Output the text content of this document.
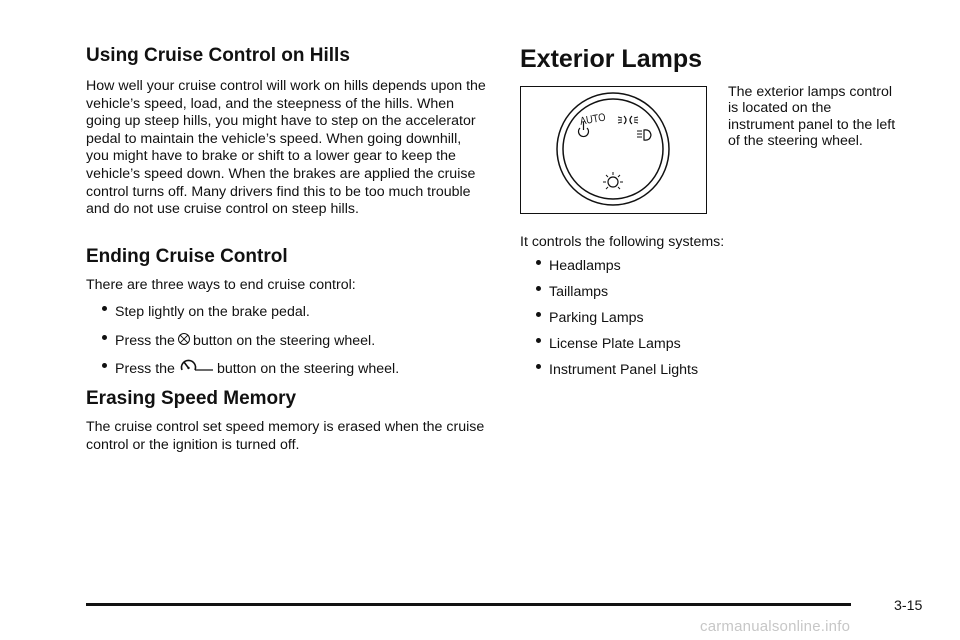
Using Cruise Control on Hills

How well your cruise control will work on hills depends upon the vehicle’s speed, load, and the steepness of the hills. When going up steep hills, you might have to step on the accelerator pedal to maintain the vehicle’s speed. When going downhill, you might have to brake or shift to a lower gear to keep the vehicle’s speed down. When the brakes are applied the cruise control turns off. Many drivers find this to be too much trouble and do not use cruise control on steep hills.

Ending Cruise Control

There are three ways to end cruise control:

Step lightly on the brake pedal.
Press the button on the steering wheel.
Press the	button on the steering wheel.
Erasing Speed Memory

The cruise control set speed memory is erased when the cruise control or the ignition is turned off.

Exterior Lamps
AUTO

The exterior lamps control is located on the instrument panel to the left of the steering wheel.

It controls the following systems:

Headlamps
Taillamps
Parking Lamps
License Plate Lamps
Instrument Panel Lights
3-15
carmanualsonline.info
